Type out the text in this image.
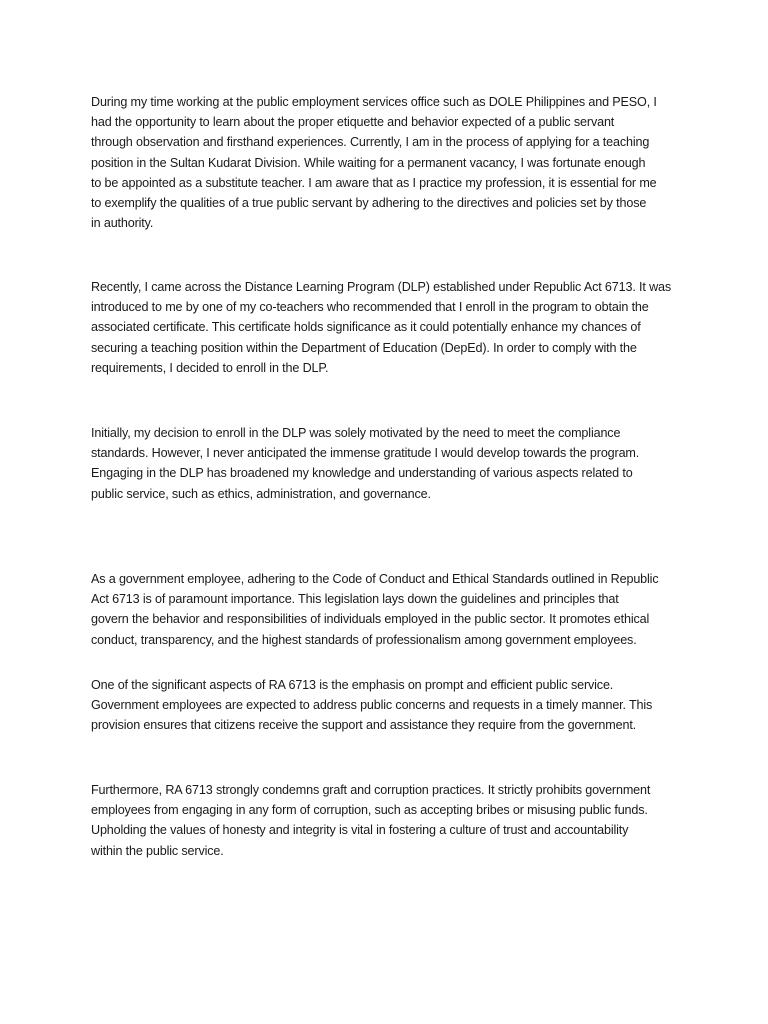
During my time working at the public employment services office such as DOLE Philippines and PESO, I
had the opportunity to learn about the proper etiquette and behavior expected of a public servant
through observation and firsthand experiences. Currently, I am in the process of applying for a teaching
position in the Sultan Kudarat Division. While waiting for a permanent vacancy, I was fortunate enough
to be appointed as a substitute teacher. I am aware that as I practice my profession, it is essential for me
to exemplify the qualities of a true public servant by adhering to the directives and policies set by those
in authority.

Recently, I came across the Distance Learning Program (DLP) established under Republic Act 6713. It was
introduced to me by one of my co-teachers who recommended that I enroll in the program to obtain the
associated certificate. This certificate holds significance as it could potentially enhance my chances of
securing a teaching position within the Department of Education (DepEd). In order to comply with the
requirements, I decided to enroll in the DLP.

Initially, my decision to enroll in the DLP was solely motivated by the need to meet the compliance
standards. However, I never anticipated the immense gratitude I would develop towards the program.
Engaging in the DLP has broadened my knowledge and understanding of various aspects related to
public service, such as ethics, administration, and governance.

As a government employee, adhering to the Code of Conduct and Ethical Standards outlined in Republic
Act 6713 is of paramount importance. This legislation lays down the guidelines and principles that
govern the behavior and responsibilities of individuals employed in the public sector. It promotes ethical
conduct, transparency, and the highest standards of professionalism among government employees.

One of the significant aspects of RA 6713 is the emphasis on prompt and efficient public service.
Government employees are expected to address public concerns and requests in a timely manner. This
provision ensures that citizens receive the support and assistance they require from the government.

Furthermore, RA 6713 strongly condemns graft and corruption practices. It strictly prohibits government
employees from engaging in any form of corruption, such as accepting bribes or misusing public funds.
Upholding the values of honesty and integrity is vital in fostering a culture of trust and accountability
within the public service.
